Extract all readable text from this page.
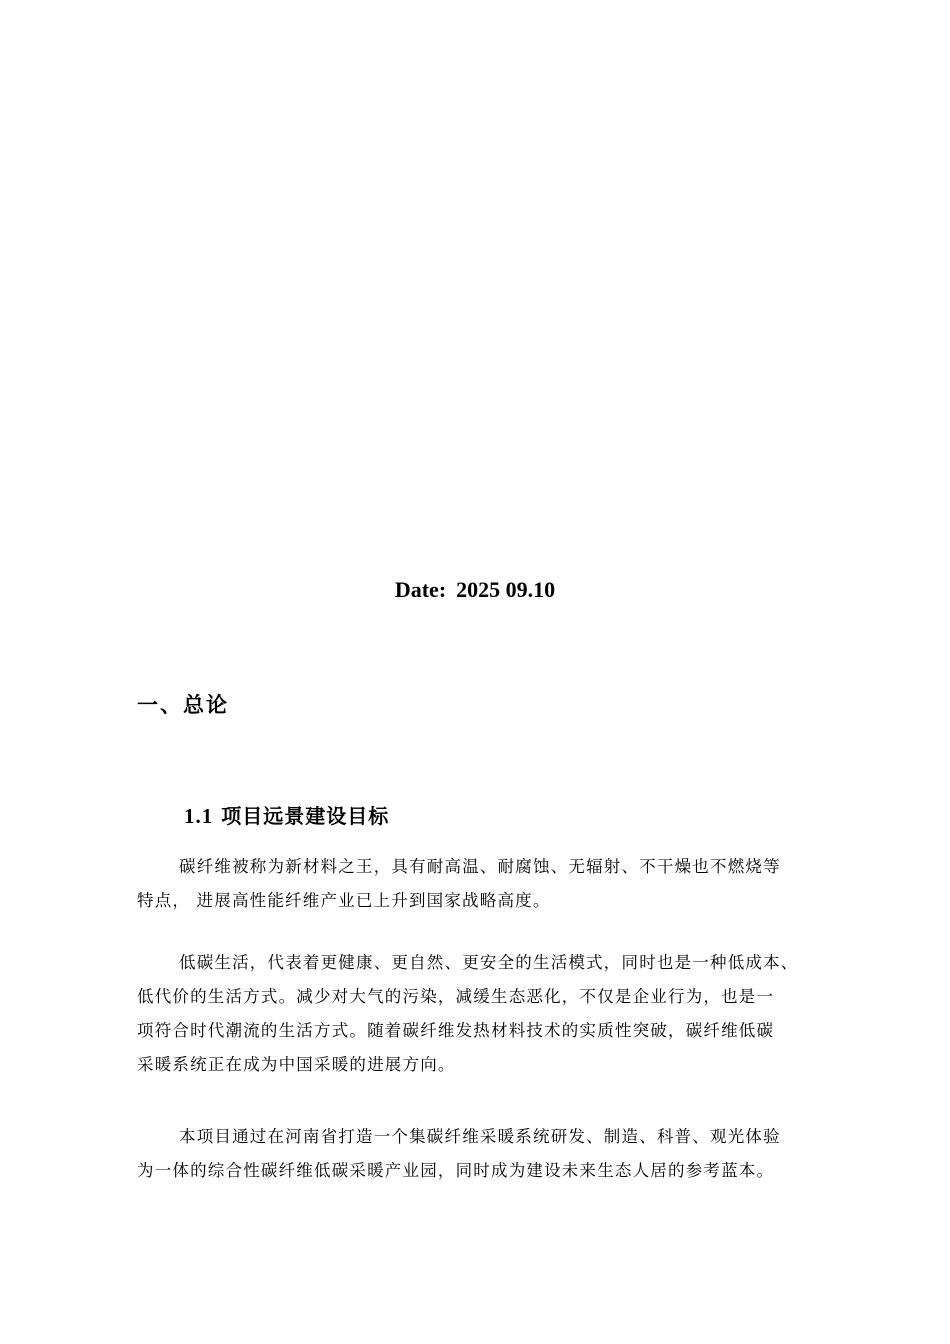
Date: 2025 09.10
一、总论
1.1 项目远景建设目标

碳纤维被称为新材料之王，具有耐高温、耐腐蚀、无辐射、不干燥也不燃烧等
特点， 进展高性能纤维产业已上升到国家战略高度。

低碳生活，代表着更健康、更自然、更安全的生活模式，同时也是一种低成本、
低代价的生活方式。减少对大气的污染，减缓生态恶化，不仅是企业行为，也是一
项符合时代潮流的生活方式。随着碳纤维发热材料技术的实质性突破，碳纤维低碳
采暖系统正在成为中国采暖的进展方向。

本项目通过在河南省打造一个集碳纤维采暖系统研发、制造、科普、观光体验
为一体的综合性碳纤维低碳采暖产业园，同时成为建设未来生态人居的参考蓝本。
